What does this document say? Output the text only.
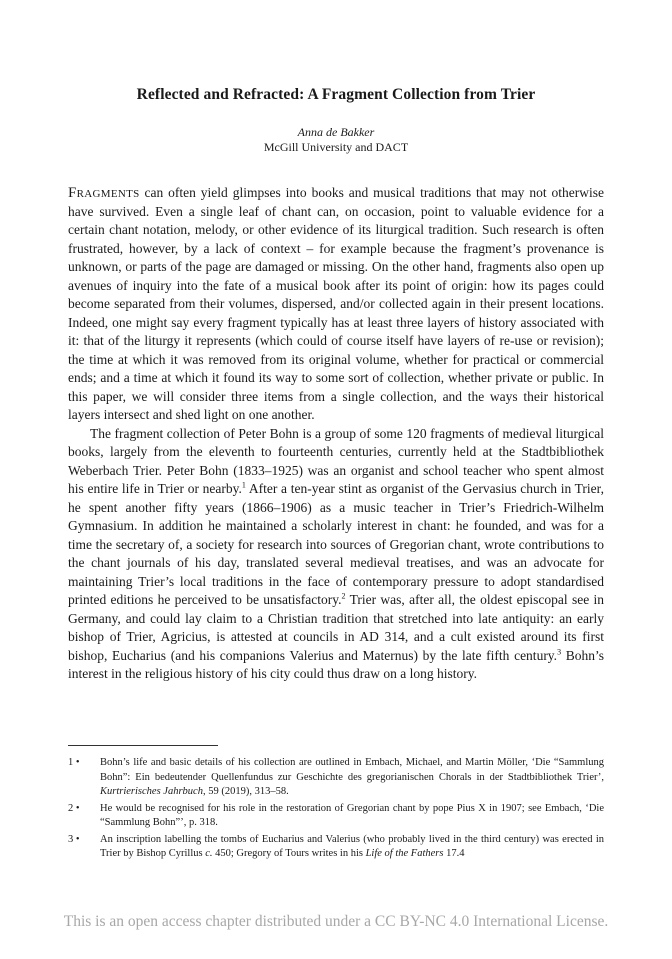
Reflected and Refracted: A Fragment Collection from Trier
Anna de Bakker
McGill University and DACT

Fragments can often yield glimpses into books and musical traditions that may not otherwise have survived. Even a single leaf of chant can, on occasion, point to valuable evidence for a certain chant notation, melody, or other evidence of its liturgical tradition. Such research is often frustrated, however, by a lack of context – for example because the fragment’s provenance is unknown, or parts of the page are damaged or missing. On the other hand, fragments also open up avenues of inquiry into the fate of a musical book after its point of origin: how its pages could become separated from their volumes, dispersed, and/or collected again in their present locations. Indeed, one might say every fragment typically has at least three layers of history associated with it: that of the liturgy it represents (which could of course itself have layers of re-use or revision); the time at which it was removed from its original volume, whether for practical or commercial ends; and a time at which it found its way to some sort of collection, whether private or public. In this paper, we will consider three items from a single collection, and the ways their historical layers intersect and shed light on one another.

The fragment collection of Peter Bohn is a group of some 120 fragments of medieval liturgical books, largely from the eleventh to fourteenth centuries, currently held at the Stadtbibliothek Weberbach Trier. Peter Bohn (1833–1925) was an organist and school teacher who spent almost his entire life in Trier or nearby.$^1$ After a ten-year stint as organist of the Gervasius church in Trier, he spent another fifty years (1866–1906) as a music teacher in Trier’s Friedrich-Wilhelm Gymnasium. In addition he maintained a scholarly interest in chant: he founded, and was for a time the secretary of, a society for research into sources of Gregorian chant, wrote contributions to the chant journals of his day, translated several medieval treatises, and was an advocate for maintaining Trier’s local traditions in the face of contemporary pressure to adopt standardised printed editions he perceived to be unsatisfactory.$^2$ Trier was, after all, the oldest episcopal see in Germany, and could lay claim to a Christian tradition that stretched into late antiquity: an early bishop of Trier, Agricius, is attested at councils in AD 314, and a cult existed around its first bishop, Eucharius (and his companions Valerius and Maternus) by the late fifth century.$^3$ Bohn’s interest in the religious history of his city could thus draw on a long history.

1 •	Bohn’s life and basic details of his collection are outlined in Embach, Michael, and Martin Möller, ‘Die “Sammlung Bohn”: Ein bedeutender Quellenfundus zur Geschichte des gregorianischen Chorals in der Stadtbibliothek Trier’, Kurtrierisches Jahrbuch, 59 (2019), 313–58.
2 •	He would be recognised for his role in the restoration of Gregorian chant by pope Pius X in 1907; see Embach, ‘Die “Sammlung Bohn”’, p. 318.
3 •	An inscription labelling the tombs of Eucharius and Valerius (who probably lived in the third century) was erected in Trier by Bishop Cyrillus c. 450; Gregory of Tours writes in his Life of the Fathers 17.4
This is an open access chapter distributed under a CC BY-NC 4.0 International License.
